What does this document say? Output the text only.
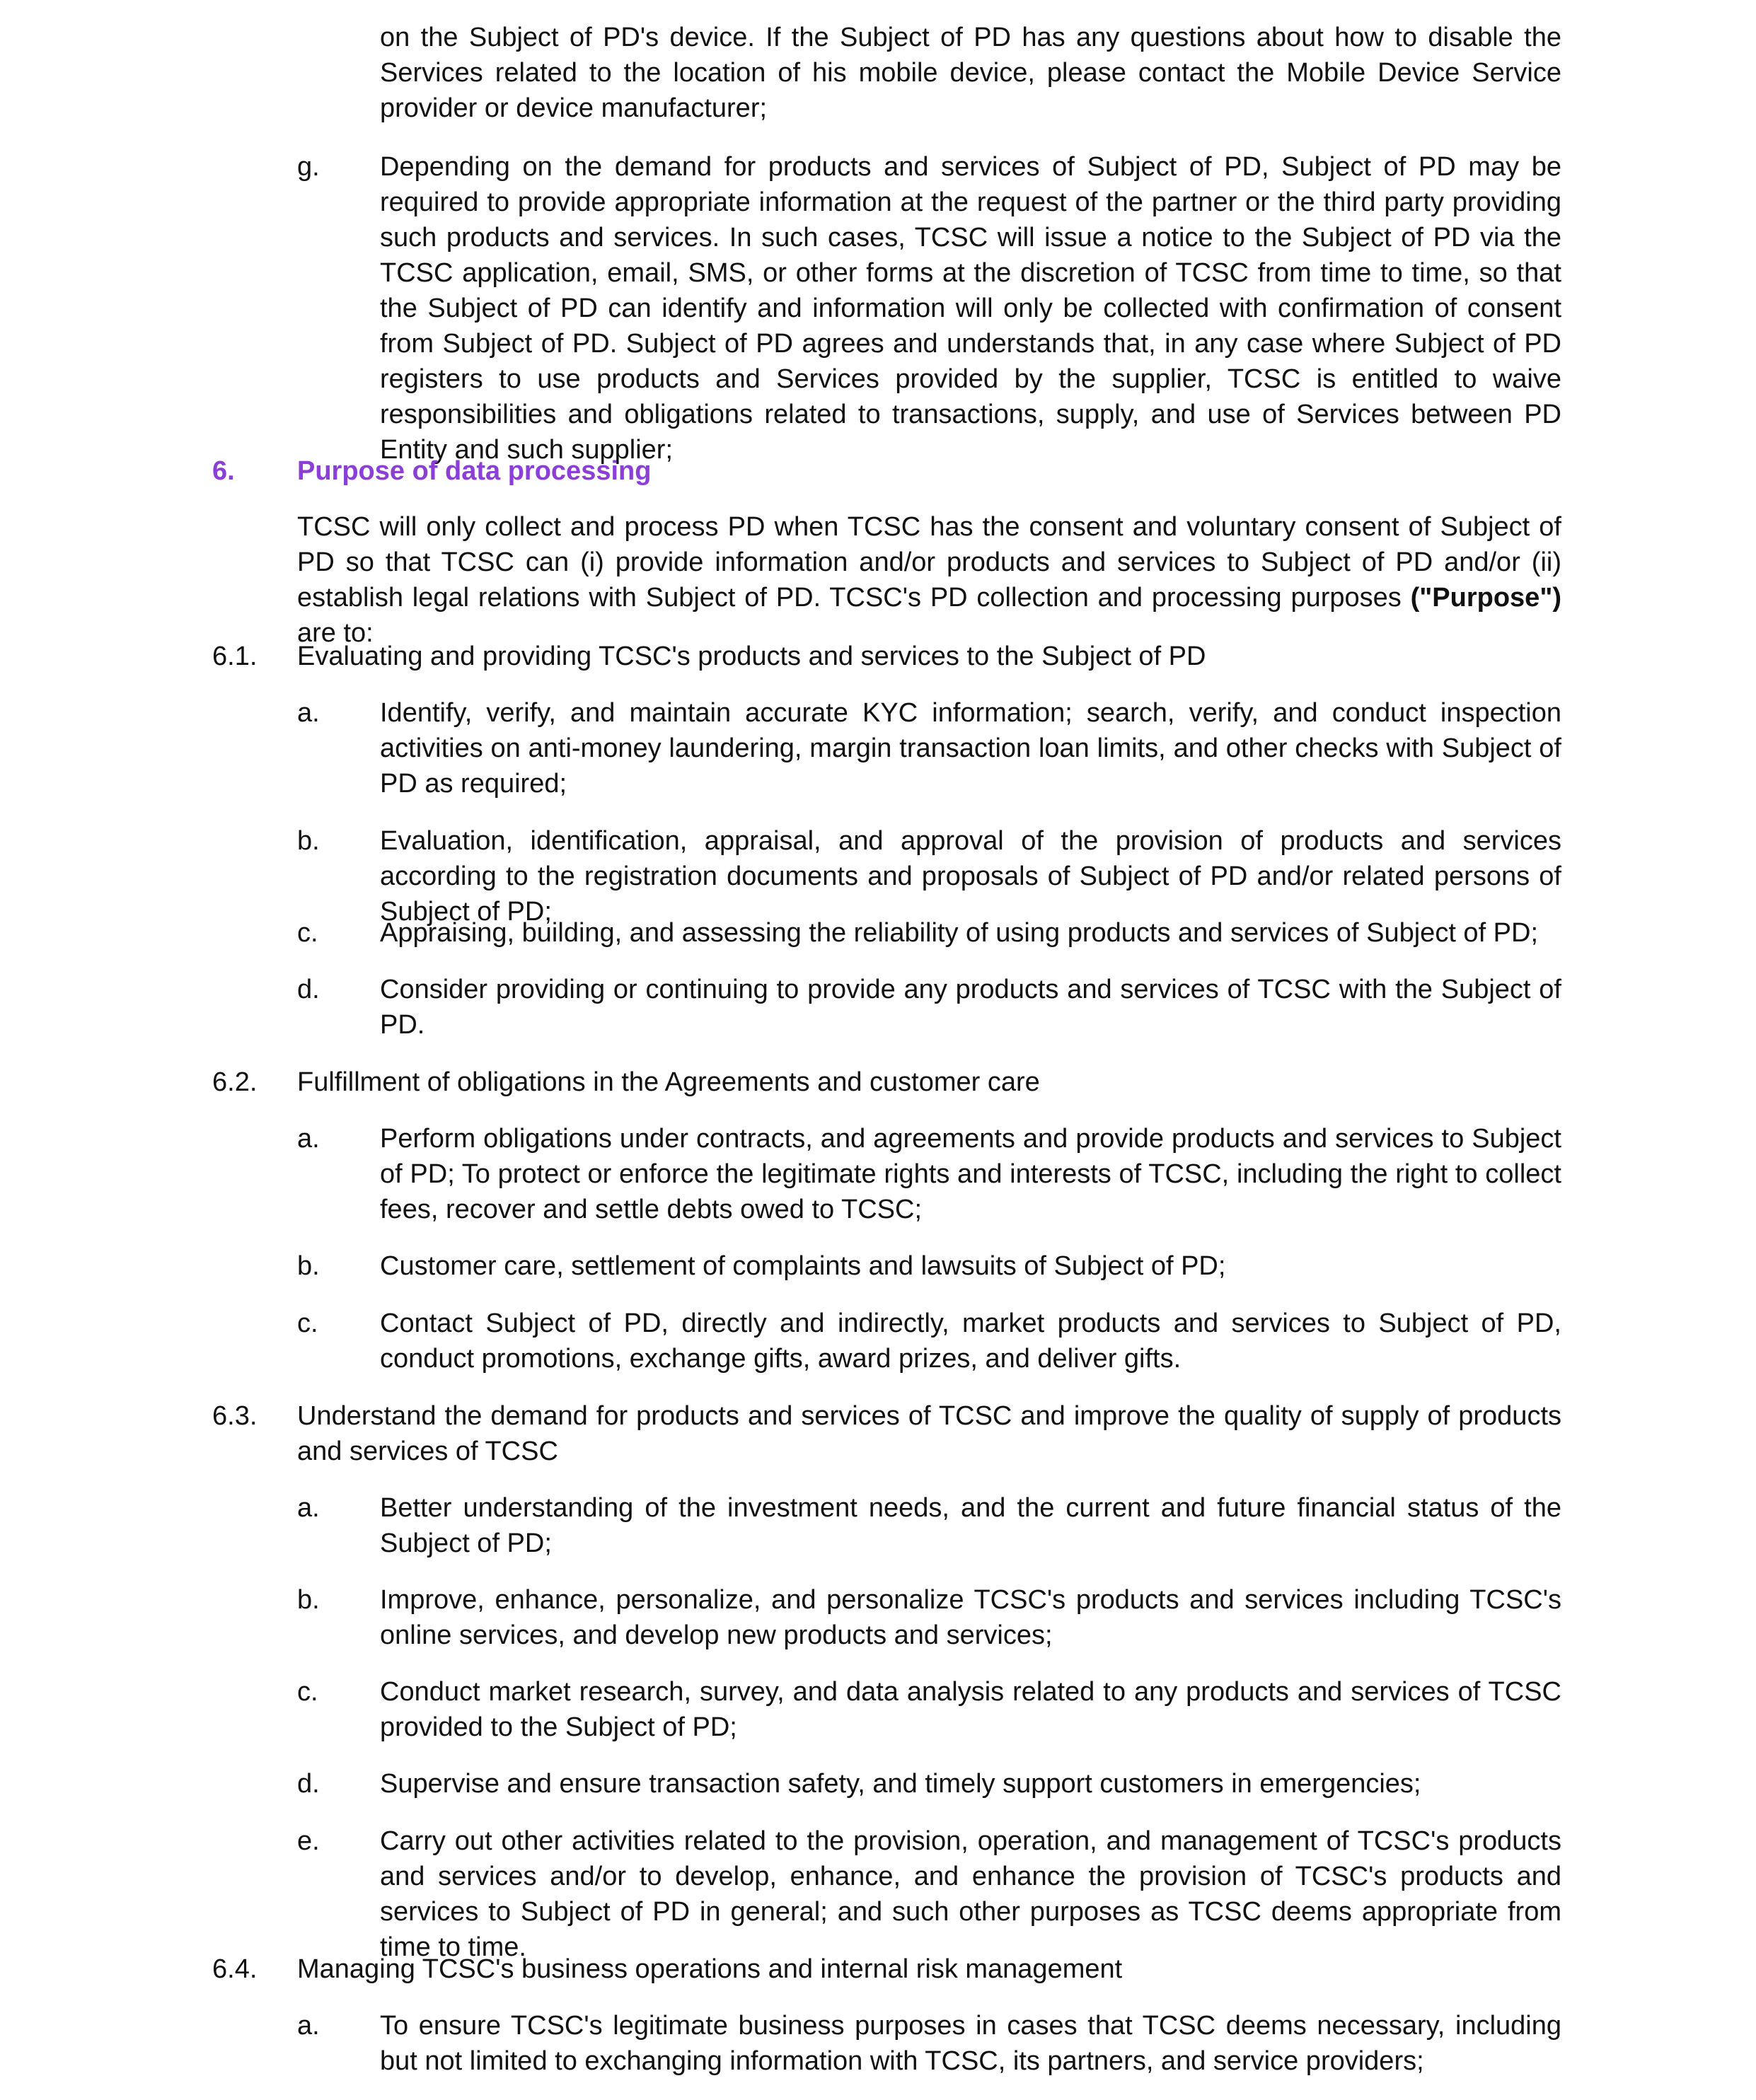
on the Subject of PD's device. If the Subject of PD has any questions about how to disable the Services related to the location of his mobile device, please contact the Mobile Device Service provider or device manufacturer;

g. Depending on the demand for products and services of Subject of PD, Subject of PD may be required to provide appropriate information at the request of the partner or the third party providing such products and services. In such cases, TCSC will issue a notice to the Subject of PD via the TCSC application, email, SMS, or other forms at the discretion of TCSC from time to time, so that the Subject of PD can identify and information will only be collected with confirmation of consent from Subject of PD. Subject of PD agrees and understands that, in any case where Subject of PD registers to use products and Services provided by the supplier, TCSC is entitled to waive responsibilities and obligations related to transactions, supply, and use of Services between PD Entity and such supplier;

6. Purpose of data processing

TCSC will only collect and process PD when TCSC has the consent and voluntary consent of Subject of PD so that TCSC can (i) provide information and/or products and services to Subject of PD and/or (ii) establish legal relations with Subject of PD. TCSC's PD collection and processing purposes ("Purpose") are to:

6.1. Evaluating and providing TCSC's products and services to the Subject of PD
a. Identify, verify, and maintain accurate KYC information; search, verify, and conduct inspection activities on anti-money laundering, margin transaction loan limits, and other checks with Subject of PD as required;

b. Evaluation, identification, appraisal, and approval of the provision of products and services according to the registration documents and proposals of Subject of PD and/or related persons of Subject of PD;

c. Appraising, building, and assessing the reliability of using products and services of Subject of PD;

d. Consider providing or continuing to provide any products and services of TCSC with the Subject of PD.

6.2. Fulfillment of obligations in the Agreements and customer care
a. Perform obligations under contracts, and agreements and provide products and services to Subject of PD; To protect or enforce the legitimate rights and interests of TCSC, including the right to collect fees, recover and settle debts owed to TCSC;

b. Customer care, settlement of complaints and lawsuits of Subject of PD;

c. Contact Subject of PD, directly and indirectly, market products and services to Subject of PD, conduct promotions, exchange gifts, award prizes, and deliver gifts.

6.3. Understand the demand for products and services of TCSC and improve the quality of supply of products and services of TCSC

a. Better understanding of the investment needs, and the current and future financial status of the Subject of PD;

b. Improve, enhance, personalize, and personalize TCSC's products and services including TCSC's online services, and develop new products and services;

c. Conduct market research, survey, and data analysis related to any products and services of TCSC provided to the Subject of PD;

d. Supervise and ensure transaction safety, and timely support customers in emergencies;

e. Carry out other activities related to the provision, operation, and management of TCSC's products and services and/or to develop, enhance, and enhance the provision of TCSC's products and services to Subject of PD in general; and such other purposes as TCSC deems appropriate from time to time.

6.4. Managing TCSC's business operations and internal risk management
a. To ensure TCSC's legitimate business purposes in cases that TCSC deems necessary, including but not limited to exchanging information with TCSC, its partners, and service providers;
